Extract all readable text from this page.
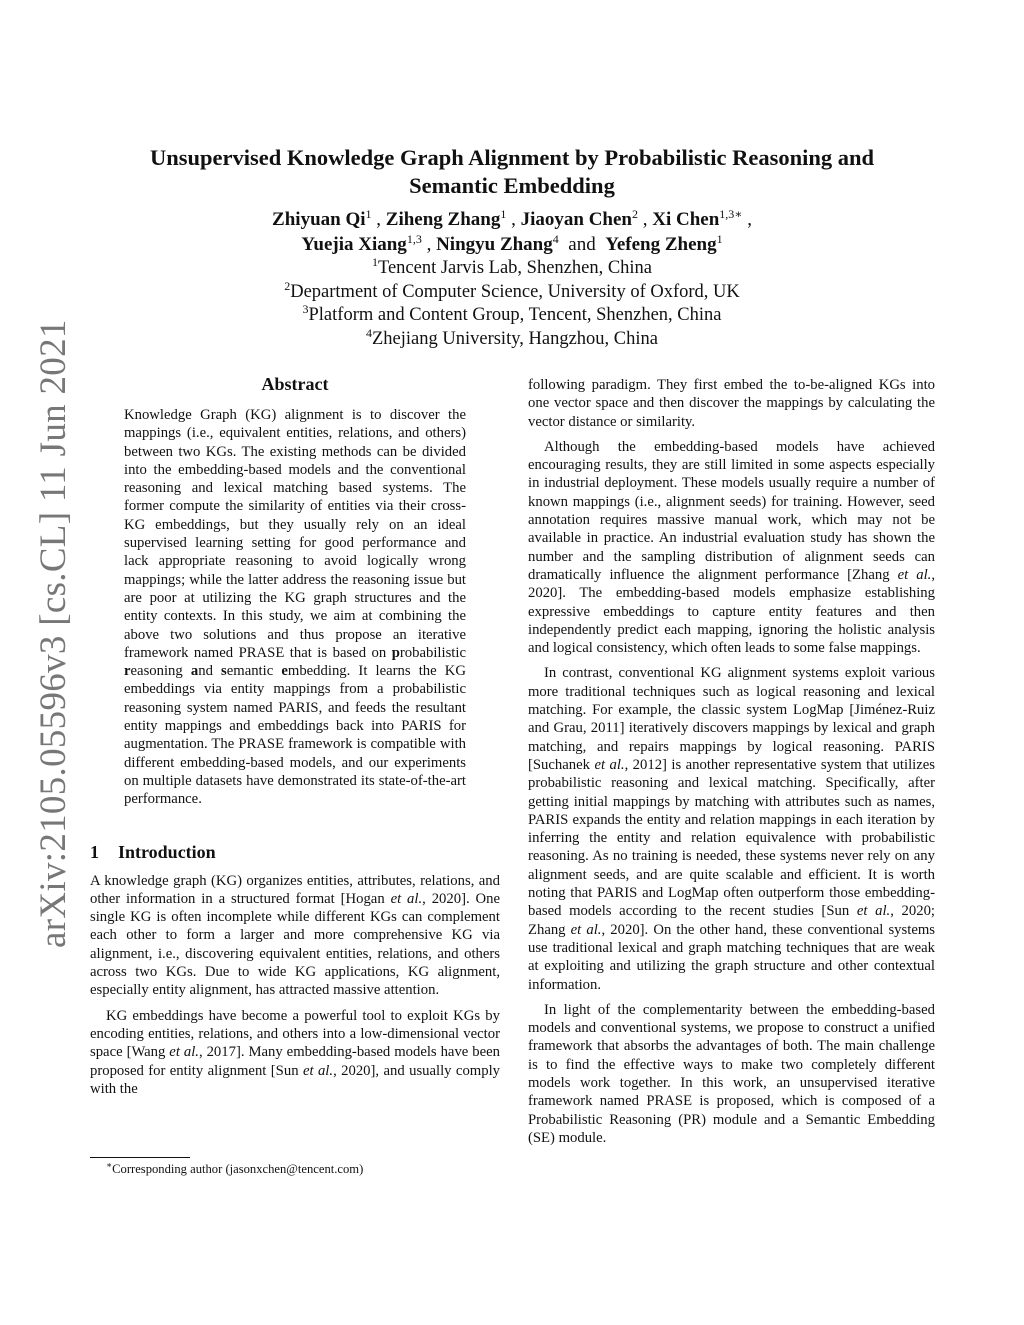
arXiv:2105.05596v3 [cs.CL] 11 Jun 2021
Unsupervised Knowledge Graph Alignment by Probabilistic Reasoning and
Semantic Embedding
Zhiyuan Qi$^1$ , Ziheng Zhang$^1$ , Jiaoyan Chen$^2$ , Xi Chen$^{1,3∗}$ ,
Yuejia Xiang$^{1,3}$ , Ningyu Zhang$^4$  and  Yefeng Zheng$^1$
$^1$Tencent Jarvis Lab, Shenzhen, China
$^2$Department of Computer Science, University of Oxford, UK
$^3$Platform and Content Group, Tencent, Shenzhen, China
$^4$Zhejiang University, Hangzhou, China
Abstract

Knowledge Graph (KG) alignment is to discover the mappings (i.e., equivalent entities, relations, and others) between two KGs. The existing methods can be divided into the embedding-based models and the conventional reasoning and lexical matching based systems. The former compute the similarity of entities via their cross-KG embeddings, but they usually rely on an ideal supervised learning setting for good performance and lack appropriate reasoning to avoid logically wrong mappings; while the latter address the reasoning issue but are poor at utilizing the KG graph structures and the entity contexts. In this study, we aim at combining the above two solutions and thus propose an iterative framework named PRASE that is based on probabilistic reasoning and semantic embedding. It learns the KG embeddings via entity mappings from a probabilistic reasoning system named PARIS, and feeds the resultant entity mappings and embeddings back into PARIS for augmentation. The PRASE framework is compatible with different embedding-based models, and our experiments on multiple datasets have demonstrated its state-of-the-art performance.

1 Introduction

A knowledge graph (KG) organizes entities, attributes, relations, and other information in a structured format [Hogan et al., 2020]. One single KG is often incomplete while different KGs can complement each other to form a larger and more comprehensive KG via alignment, i.e., discovering equivalent entities, relations, and others across two KGs. Due to wide KG applications, KG alignment, especially entity alignment, has attracted massive attention.

KG embeddings have become a powerful tool to exploit KGs by encoding entities, relations, and others into a low-dimensional vector space [Wang et al., 2017]. Many embedding-based models have been proposed for entity alignment [Sun et al., 2020], and usually comply with the

following paradigm. They first embed the to-be-aligned KGs into one vector space and then discover the mappings by calculating the vector distance or similarity.

Although the embedding-based models have achieved encouraging results, they are still limited in some aspects especially in industrial deployment. These models usually require a number of known mappings (i.e., alignment seeds) for training. However, seed annotation requires massive manual work, which may not be available in practice. An industrial evaluation study has shown the number and the sampling distribution of alignment seeds can dramatically influence the alignment performance [Zhang et al., 2020]. The embedding-based models emphasize establishing expressive embeddings to capture entity features and then independently predict each mapping, ignoring the holistic analysis and logical consistency, which often leads to some false mappings.

In contrast, conventional KG alignment systems exploit various more traditional techniques such as logical reasoning and lexical matching. For example, the classic system LogMap [Jiménez-Ruiz and Grau, 2011] iteratively discovers mappings by lexical and graph matching, and repairs mappings by logical reasoning. PARIS [Suchanek et al., 2012] is another representative system that utilizes probabilistic reasoning and lexical matching. Specifically, after getting initial mappings by matching with attributes such as names, PARIS expands the entity and relation mappings in each iteration by inferring the entity and relation equivalence with probabilistic reasoning. As no training is needed, these systems never rely on any alignment seeds, and are quite scalable and efficient. It is worth noting that PARIS and LogMap often outperform those embedding-based models according to the recent studies [Sun et al., 2020; Zhang et al., 2020]. On the other hand, these conventional systems use traditional lexical and graph matching techniques that are weak at exploiting and utilizing the graph structure and other contextual information.

In light of the complementarity between the embedding-based models and conventional systems, we propose to construct a unified framework that absorbs the advantages of both. The main challenge is to find the effective ways to make two completely different models work together. In this work, an unsupervised iterative framework named PRASE is proposed, which is composed of a Probabilistic Reasoning (PR) module and a Semantic Embedding (SE) module.

∗Corresponding author (jasonxchen@tencent.com)
